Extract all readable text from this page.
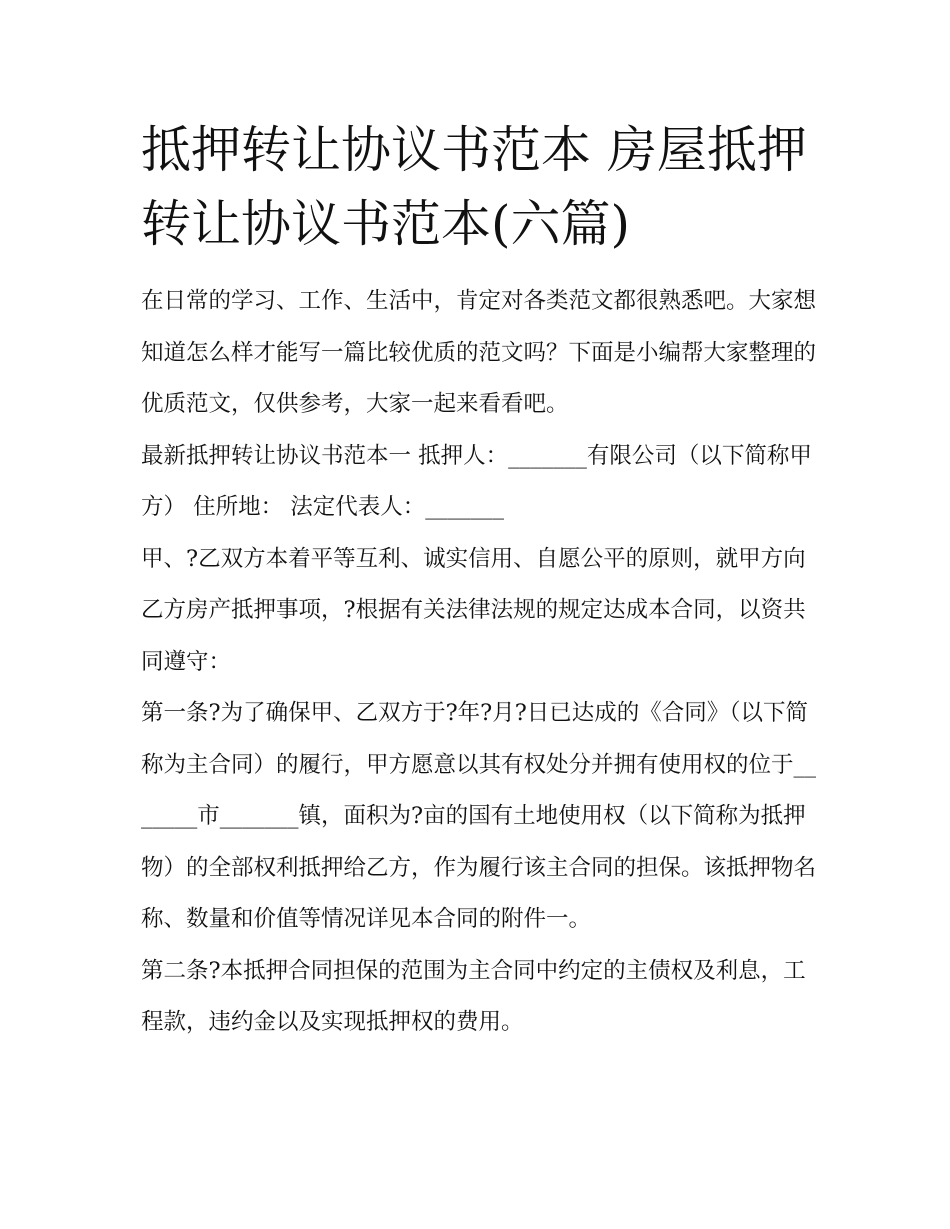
抵押转让协议书范本 房屋抵押转让协议书范本(六篇)

在日常的学习、工作、生活中，肯定对各类范文都很熟悉吧。大家想知道怎么样才能写一篇比较优质的范文吗？下面是小编帮大家整理的优质范文，仅供参考，大家一起来看看吧。

最新抵押转让协议书范本一 抵押人：_______有限公司（以下简称甲方） 住所地： 法定代表人：_______

甲、?乙双方本着平等互利、诚实信用、自愿公平的原则，就甲方向乙方房产抵押事项，?根据有关法律法规的规定达成本合同，以资共同遵守：

第一条?为了确保甲、乙双方于?年?月?日已达成的《合同》（以下简称为主合同）的履行，甲方愿意以其有权处分并拥有使用权的位于_______市_______镇，面积为?亩的国有土地使用权（以下简称为抵押物）的全部权利抵押给乙方，作为履行该主合同的担保。该抵押物名称、数量和价值等情况详见本合同的附件一。

第二条?本抵押合同担保的范围为主合同中约定的主债权及利息，工程款，违约金以及实现抵押权的费用。
